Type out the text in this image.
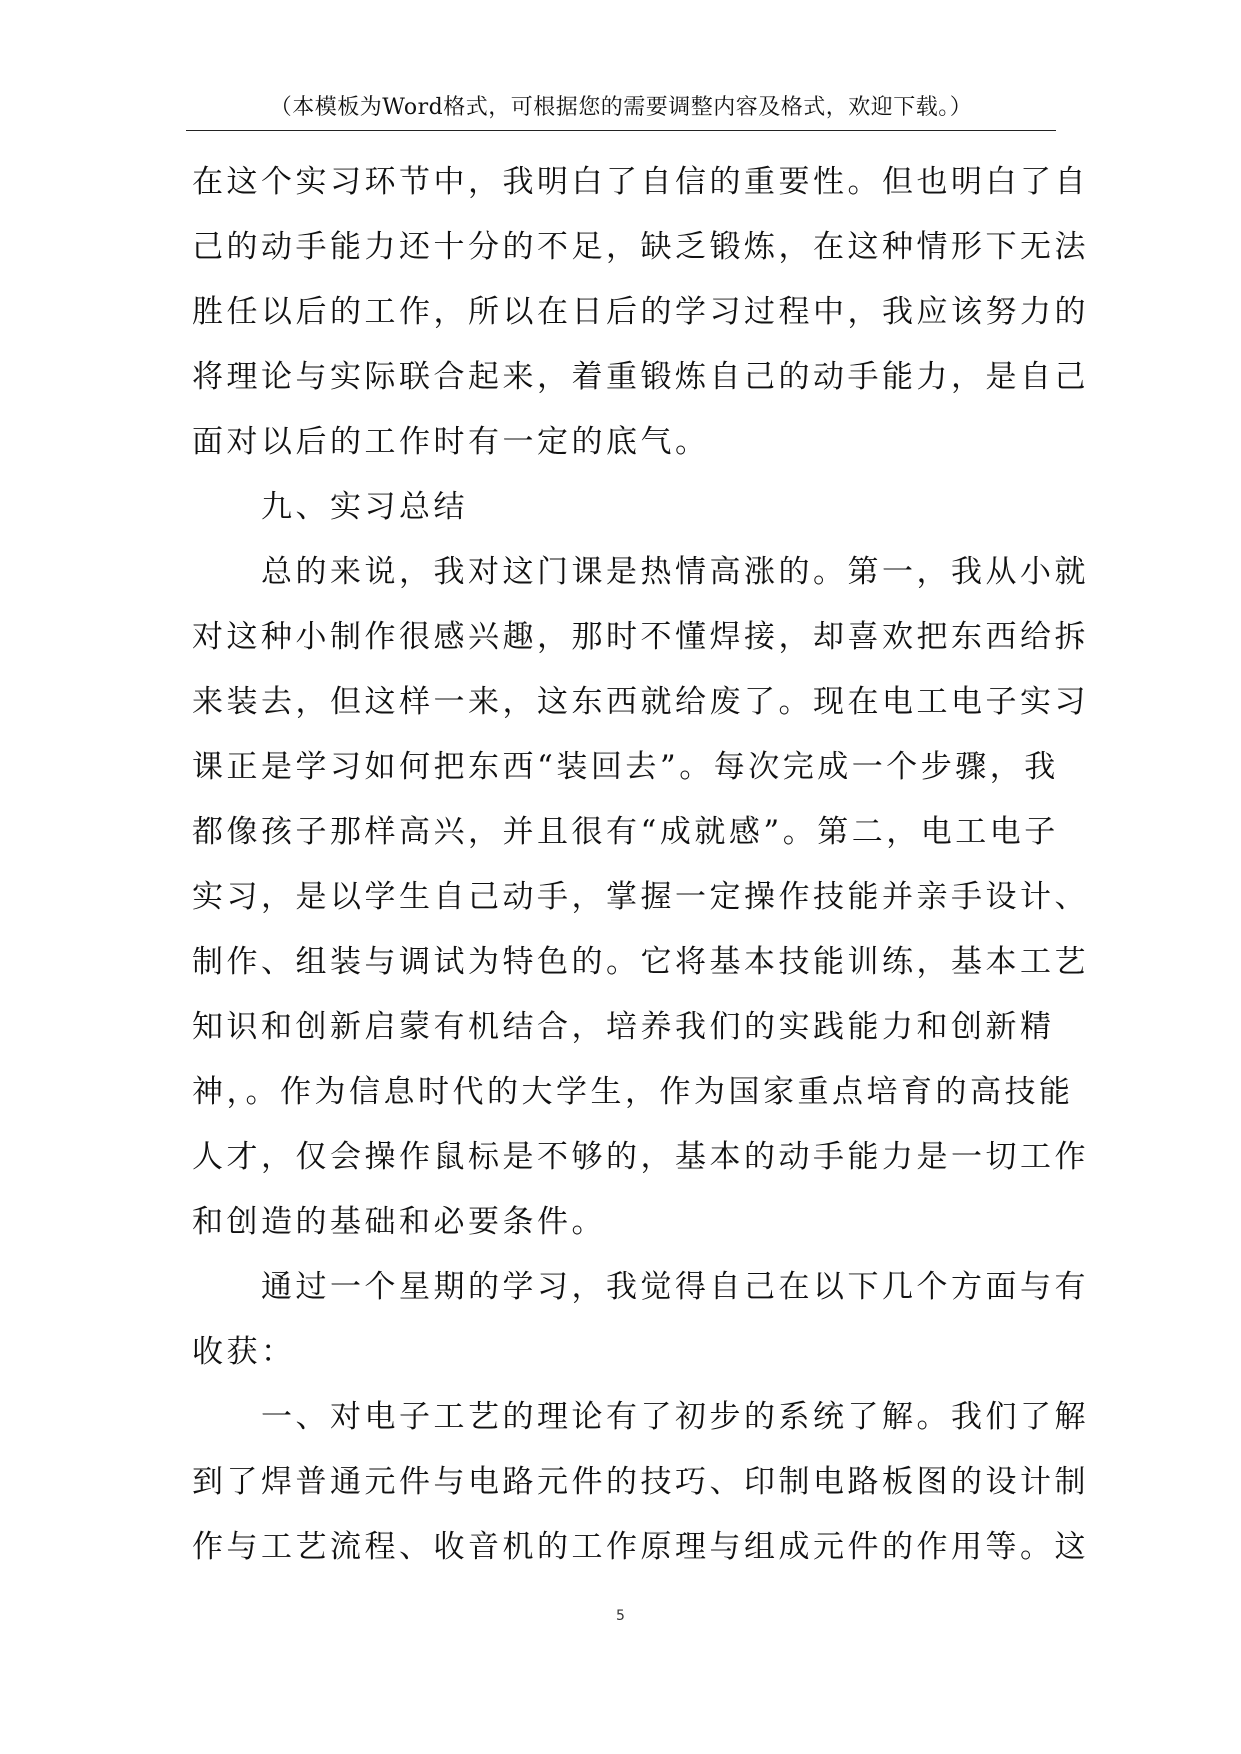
（本模板为Word格式，可根据您的需要调整内容及格式，欢迎下载。）
在这个实习环节中，我明白了自信的重要性。但也明白了自
己的动手能力还十分的不足，缺乏锻炼，在这种情形下无法
胜任以后的工作，所以在日后的学习过程中，我应该努力的
将理论与实际联合起来，着重锻炼自己的动手能力，是自己
面对以后的工作时有一定的底气。
　　九、实习总结
　　总的来说，我对这门课是热情高涨的。第一，我从小就
对这种小制作很感兴趣，那时不懂焊接，却喜欢把东西给拆
来装去，但这样一来，这东西就给废了。现在电工电子实习
课正是学习如何把东西“装回去”。每次完成一个步骤，我
都像孩子那样高兴，并且很有“成就感”。第二，电工电子
实习，是以学生自己动手，掌握一定操作技能并亲手设计、
制作、组装与调试为特色的。它将基本技能训练，基本工艺
知识和创新启蒙有机结合，培养我们的实践能力和创新精
神，。作为信息时代的大学生，作为国家重点培育的高技能
人才，仅会操作鼠标是不够的，基本的动手能力是一切工作
和创造的基础和必要条件。
　　通过一个星期的学习，我觉得自己在以下几个方面与有
收获：
　　一、对电子工艺的理论有了初步的系统了解。我们了解
到了焊普通元件与电路元件的技巧、印制电路板图的设计制
作与工艺流程、收音机的工作原理与组成元件的作用等。这
5
